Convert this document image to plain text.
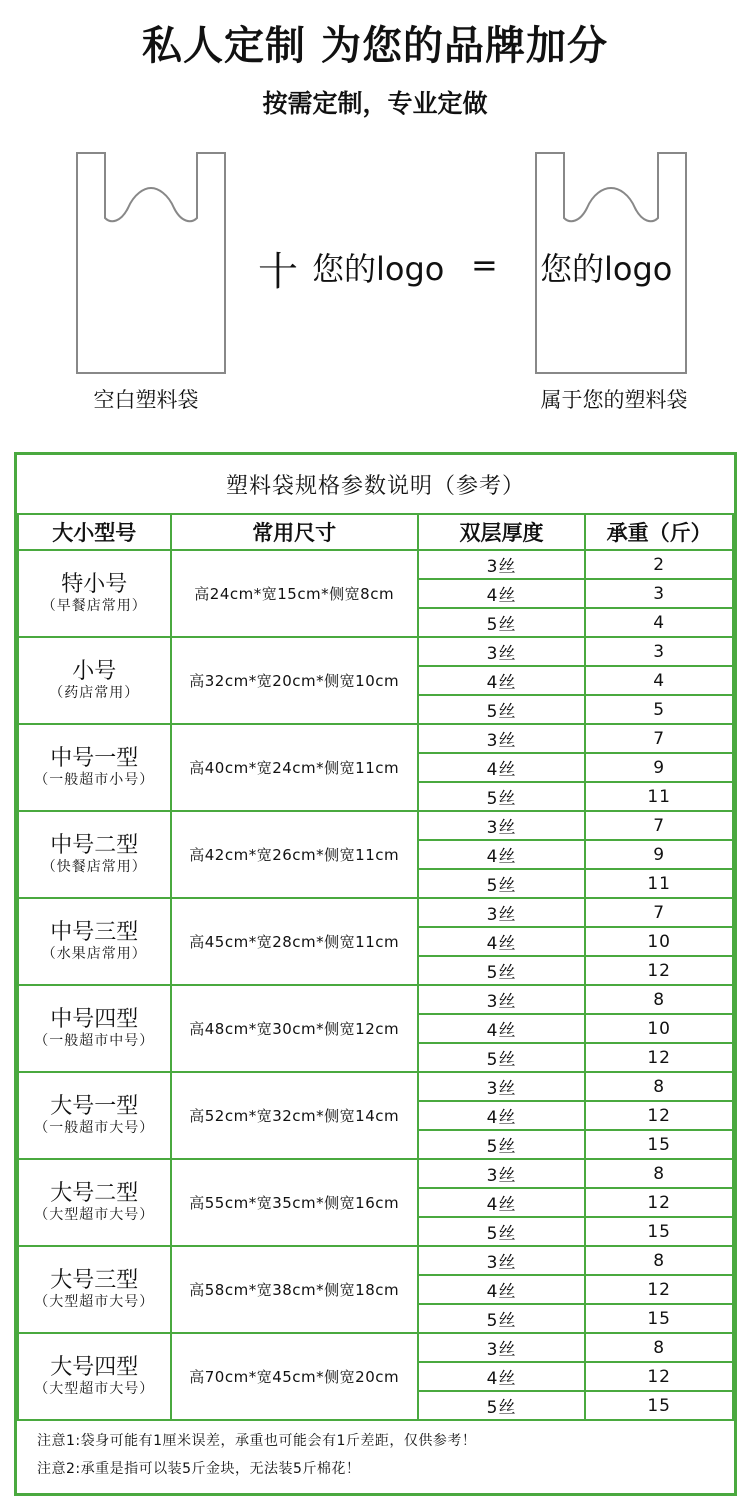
私人定制 为您的品牌加分
按需定制，专业定做
空白塑料袋
十 您的logo = 您的logo
属于您的塑料袋
塑料袋规格参数说明（参考）			
大小型号	常用尺寸	双层厚度	承重（斤）

特小号
（早餐店常用）	高24cm*宽15cm*侧宽8cm	3丝	2
		4丝	3
		5丝	4

小号
（药店常用）	高32cm*宽20cm*侧宽10cm	3丝	3
		4丝	4
		5丝	5

中号一型
（一般超市小号）	高40cm*宽24cm*侧宽11cm	3丝	7
		4丝	9
		5丝	11

中号二型
（快餐店常用）	高42cm*宽26cm*侧宽11cm	3丝	7
		4丝	9
		5丝	11

中号三型
（水果店常用）	高45cm*宽28cm*侧宽11cm	3丝	7
		4丝	10
		5丝	12

中号四型
（一般超市中号）	高48cm*宽30cm*侧宽12cm	3丝	8
		4丝	10
		5丝	12

大号一型
（一般超市大号）	高52cm*宽32cm*侧宽14cm	3丝	8
		4丝	12
		5丝	15

大号二型
（大型超市大号）	高55cm*宽35cm*侧宽16cm	3丝	8
		4丝	12
		5丝	15

大号三型
（大型超市大号）	高58cm*宽38cm*侧宽18cm	3丝	8
		4丝	12
		5丝	15

大号四型
（大型超市大号）	高70cm*宽45cm*侧宽20cm	3丝	8
		4丝	12
		5丝	15
注意1:袋身可能有1厘米误差，承重也可能会有1斤差距，仅供参考！
注意2:承重是指可以装5斤金块，无法装5斤棉花！
